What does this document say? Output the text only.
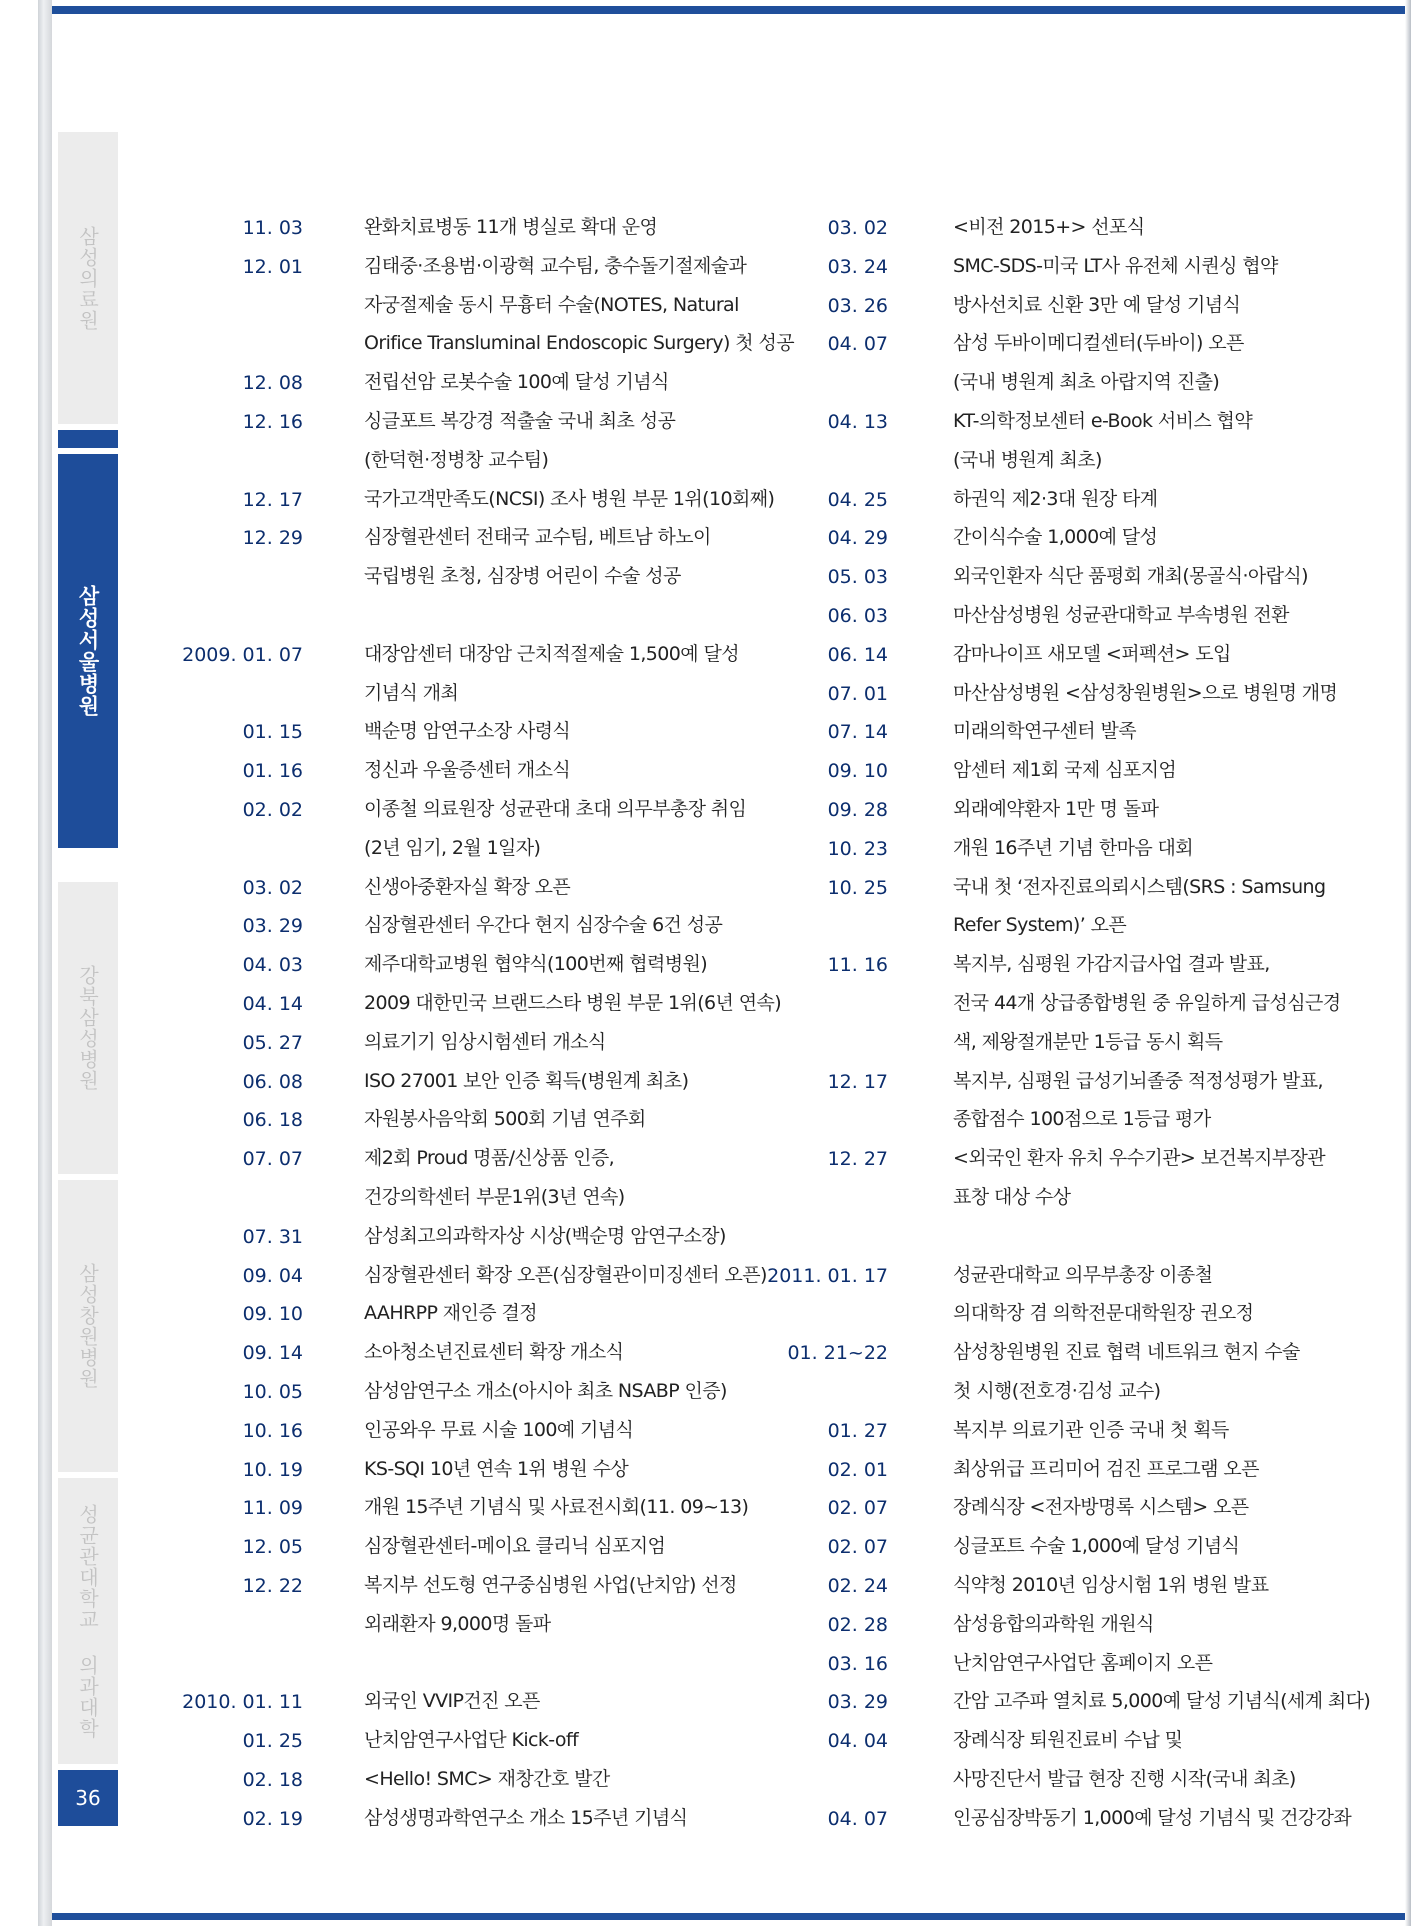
삼성의료원
삼성서울병원
강북삼성병원
삼성창원병원
성균관대학교 의과대학
36
11. 03	완화치료병동 11개 병실로 확대 운영
12. 01	김태중·조용범·이광혁 교수팀, 충수돌기절제술과
자궁절제술 동시 무흉터 수술(NOTES, Natural
Orifice Transluminal Endoscopic Surgery) 첫 성공
12. 08	전립선암 로봇수술 100예 달성 기념식
12. 16	싱글포트 복강경 적출술 국내 최초 성공
(한덕현·정병창 교수팀)
12. 17	국가고객만족도(NCSI) 조사 병원 부문 1위(10회째)
12. 29	심장혈관센터 전태국 교수팀, 베트남 하노이
국립병원 초청, 심장병 어린이 수술 성공
2009. 01. 07	대장암센터 대장암 근치적절제술 1,500예 달성
기념식 개최
01. 15	백순명 암연구소장 사령식
01. 16	정신과 우울증센터 개소식
02. 02	이종철 의료원장 성균관대 초대 의무부총장 취임
(2년 임기, 2월 1일자)
03. 02	신생아중환자실 확장 오픈
03. 29	심장혈관센터 우간다 현지 심장수술 6건 성공
04. 03	제주대학교병원 협약식(100번째 협력병원)
04. 14	2009 대한민국 브랜드스타 병원 부문 1위(6년 연속)
05. 27	의료기기 임상시험센터 개소식
06. 08	ISO 27001 보안 인증 획득(병원계 최초)
06. 18	자원봉사음악회 500회 기념 연주회
07. 07	제2회 Proud 명품/신상품 인증,
건강의학센터 부문1위(3년 연속)
07. 31	삼성최고의과학자상 시상(백순명 암연구소장)
09. 04	심장혈관센터 확장 오픈(심장혈관이미징센터 오픈)
09. 10	AAHRPP 재인증 결정
09. 14	소아청소년진료센터 확장 개소식
10. 05	삼성암연구소 개소(아시아 최초 NSABP 인증)
10. 16	인공와우 무료 시술 100예 기념식
10. 19	KS-SQI 10년 연속 1위 병원 수상
11. 09	개원 15주년 기념식 및 사료전시회(11. 09~13)
12. 05	심장혈관센터-메이요 클리닉 심포지엄
12. 22	복지부 선도형 연구중심병원 사업(난치암) 선정
외래환자 9,000명 돌파
2010. 01. 11	외국인 VVIP건진 오픈
01. 25	난치암연구사업단 Kick-off
02. 18	<Hello! SMC> 재창간호 발간
02. 19	삼성생명과학연구소 개소 15주년 기념식
03. 02	<비전 2015+> 선포식
03. 24	SMC-SDS-미국 LT사 유전체 시퀀싱 협약
03. 26	방사선치료 신환 3만 예 달성 기념식
04. 07	삼성 두바이메디컬센터(두바이) 오픈
(국내 병원계 최초 아랍지역 진출)
04. 13	KT-의학정보센터 e-Book 서비스 협약
(국내 병원계 최초)
04. 25	하권익 제2·3대 원장 타계
04. 29	간이식수술 1,000예 달성
05. 03	외국인환자 식단 품평회 개최(몽골식·아랍식)
06. 03	마산삼성병원 성균관대학교 부속병원 전환
06. 14	감마나이프 새모델 <퍼펙션> 도입
07. 01	마산삼성병원 <삼성창원병원>으로 병원명 개명
07. 14	미래의학연구센터 발족
09. 10	암센터 제1회 국제 심포지엄
09. 28	외래예약환자 1만 명 돌파
10. 23	개원 16주년 기념 한마음 대회
10. 25	국내 첫 ‘전자진료의뢰시스템(SRS : Samsung
Refer System)’ 오픈
11. 16	복지부, 심평원 가감지급사업 결과 발표,
전국 44개 상급종합병원 중 유일하게 급성심근경
색, 제왕절개분만 1등급 동시 획득
12. 17	복지부, 심평원 급성기뇌졸중 적정성평가 발표,
종합점수 100점으로 1등급 평가
12. 27	<외국인 환자 유치 우수기관> 보건복지부장관
표창 대상 수상
2011. 01. 17	성균관대학교 의무부총장 이종철
의대학장 겸 의학전문대학원장 권오정
01. 21~22	삼성창원병원 진료 협력 네트워크 현지 수술
첫 시행(전호경·김성 교수)
01. 27	복지부 의료기관 인증 국내 첫 획득
02. 01	최상위급 프리미어 검진 프로그램 오픈
02. 07	장례식장 <전자방명록 시스템> 오픈
02. 07	싱글포트 수술 1,000예 달성 기념식
02. 24	식약청 2010년 임상시험 1위 병원 발표
02. 28	삼성융합의과학원 개원식
03. 16	난치암연구사업단 홈페이지 오픈
03. 29	간암 고주파 열치료 5,000예 달성 기념식(세계 최다)
04. 04	장례식장 퇴원진료비 수납 및
사망진단서 발급 현장 진행 시작(국내 최초)
04. 07	인공심장박동기 1,000예 달성 기념식 및 건강강좌
